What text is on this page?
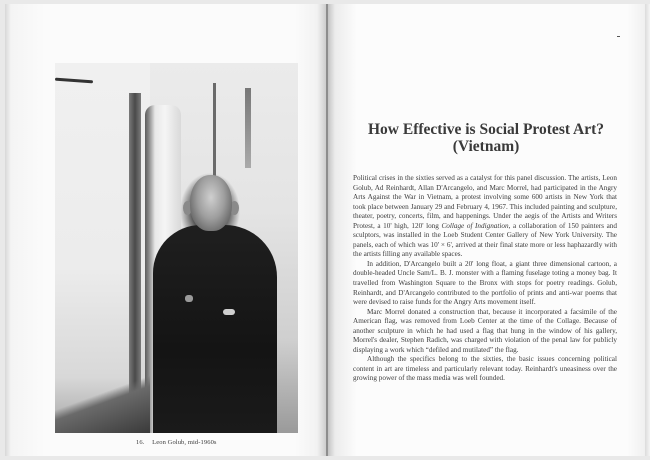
16. Leon Golub, mid-1960s
How Effective is Social Protest Art?
(Vietnam)

Political crises in the sixties served as a catalyst for this panel discussion. The artists, Leon Golub, Ad Reinhardt, Allan D'Arcangelo, and Marc Morrel, had participated in the Angry Arts Against the War in Vietnam, a protest involving some 600 artists in New York that took place between January 29 and February 4, 1967. This included painting and sculpture, theater, poetry, concerts, film, and happenings. Under the aegis of the Artists and Writers Protest, a 10' high, 120' long Collage of Indignation, a collaboration of 150 painters and sculptors, was installed in the Loeb Student Center Gallery of New York University. The panels, each of which was 10' × 6', arrived at their final state more or less haphazardly with the artists filling any available spaces.

In addition, D'Arcangelo built a 20' long float, a giant three dimensional cartoon, a double-headed Uncle Sam/L. B. J. monster with a flaming fuselage toting a money bag. It travelled from Washington Square to the Bronx with stops for poetry readings. Golub, Reinhardt, and D'Arcangelo contributed to the portfolio of prints and anti-war poems that were devised to raise funds for the Angry Arts movement itself.

Marc Morrel donated a construction that, because it incorporated a facsimile of the American flag, was removed from Loeb Center at the time of the Collage. Because of another sculpture in which he had used a flag that hung in the window of his gallery, Morrel's dealer, Stephen Radich, was charged with violation of the penal law for publicly displaying a work which “defiled and mutilated” the flag.

Although the specifics belong to the sixties, the basic issues concerning political content in art are timeless and particularly relevant today. Reinhardt's uneasiness over the growing power of the mass media was well founded.
